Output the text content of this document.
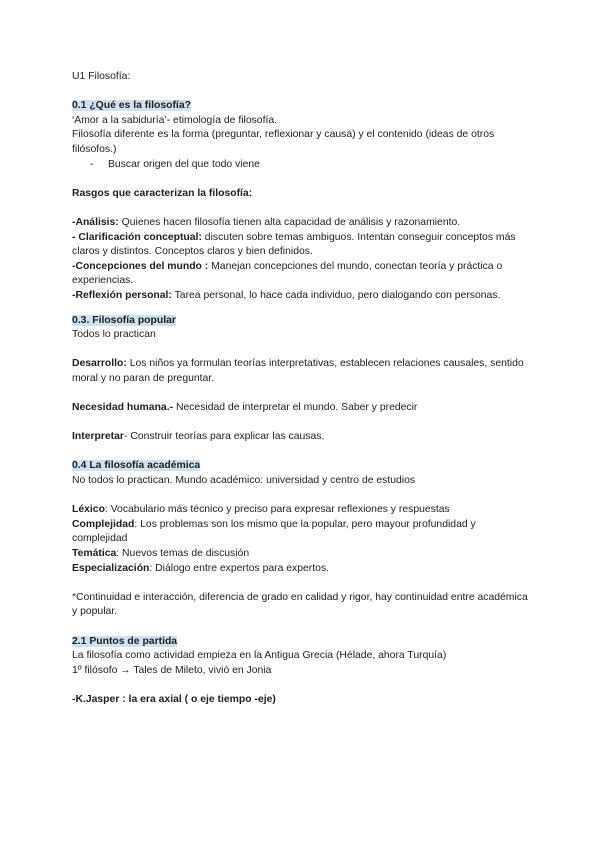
U1 Filosofía:

0.1 ¿Qué es la filosofía?

‘Amor a la sabiduría’- etimología de filosofía.

Filosofía diferente es la forma (preguntar, reflexionar y causa) y el contenido (ideas de otros filósofos.)

-	Buscar origen del que todo viene

Rasgos que caracterizan la filosofía:

-Análisis: Quienes hacen filosofía tienen alta capacidad de análisis y razonamiento.

- Clarificación conceptual: discuten sobre temas ambiguos. Intentan conseguir conceptos más claros y distintos. Conceptos claros y bien definidos.

-Concepciones del mundo : Manejan concepciones del mundo, conectan teoría y práctica o experiencias.

-Reflexión personal: Tarea personal, lo hace cada individuo, pero dialogando con personas.

0.3. Filosofía popular

Todos lo practican

Desarrollo: Los niños ya formulan teorías interpretativas, establecen relaciones causales, sentido moral y no paran de preguntar.

Necesidad humana.- Necesidad de interpretar el mundo. Saber y predecir

Interpretar- Construir teorías para explicar las causas.

0.4 La filosofía académica

No todos lo practican. Mundo académico: universidad y centro de estudios

Léxico: Vocabulario más técnico y preciso para expresar reflexiones y respuestas

Complejidad: Los problemas son los mismo que la popular, pero mayour profundidad y complejidad

Temática: Nuevos temas de discusión

Especialización: Diálogo entre expertos para expertos.

*Continuidad e interacción, diferencia de grado en calidad y rigor, hay continuidad entre académica y popular.

2.1 Puntos de partida

La filosofía como actividad empieza en la Antigua Grecia (Hélade, ahora Turquía)

1º filósofo → Tales de Mileto, vivió en Jonia

-K.Jasper : la era axial ( o eje tiempo -eje)
